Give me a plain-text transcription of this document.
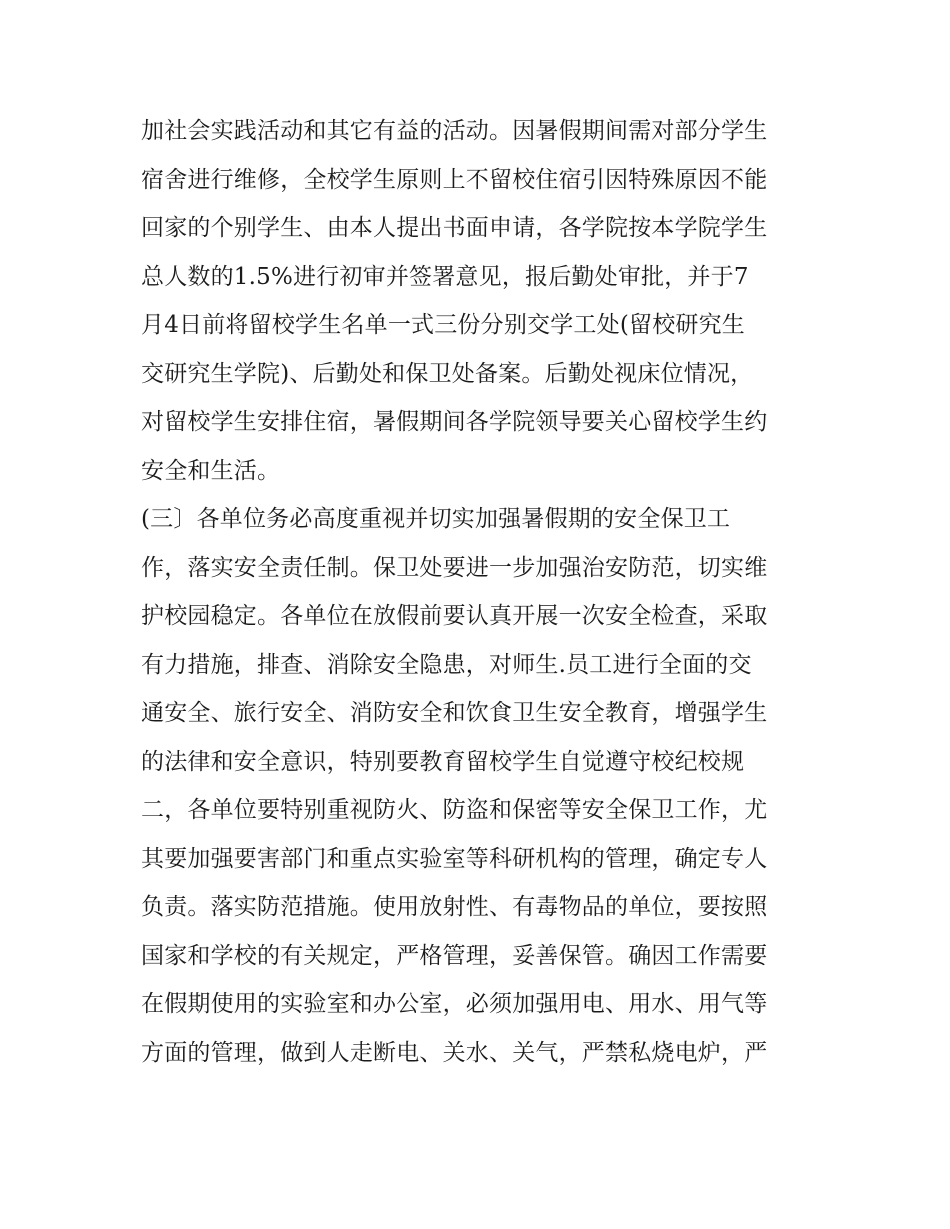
加社会实践活动和其它有益的活动。因暑假期间需对部分学生
宿舍进行维修，全校学生原则上不留校住宿引因特殊原因不能
回家的个别学生、由本人提出书面申请，各学院按本学院学生
总人数的1.5%进行初审并签署意见，报后勤处审批，并于7
月4日前将留校学生名单一式三份分别交学工处(留校研究生
交研究生学院)、后勤处和保卫处备案。后勤处视床位情况，
对留校学生安排住宿，暑假期间各学院领导要关心留校学生约
安全和生活。
(三〕各单位务必高度重视并切实加强暑假期的安全保卫工
作，落实安全责任制。保卫处要进一步加强治安防范，切实维
护校园稳定。各单位在放假前要认真开展一次安全检查，采取
有力措施，排查、消除安全隐患，对师生.员工进行全面的交
通安全、旅行安全、消防安全和饮食卫生安全教育，增强学生
的法律和安全意识，特别要教育留校学生自觉遵守校纪校规
二，各单位要特别重视防火、防盗和保密等安全保卫工作，尤
其要加强要害部门和重点实验室等科研机构的管理，确定专人
负责。落实防范措施。使用放射性、有毒物品的单位，要按照
国家和学校的有关规定，严格管理，妥善保管。确因工作需要
在假期使用的实验室和办公室，必须加强用电、用水、用气等
方面的管理，做到人走断电、关水、关气，严禁私烧电炉，严
